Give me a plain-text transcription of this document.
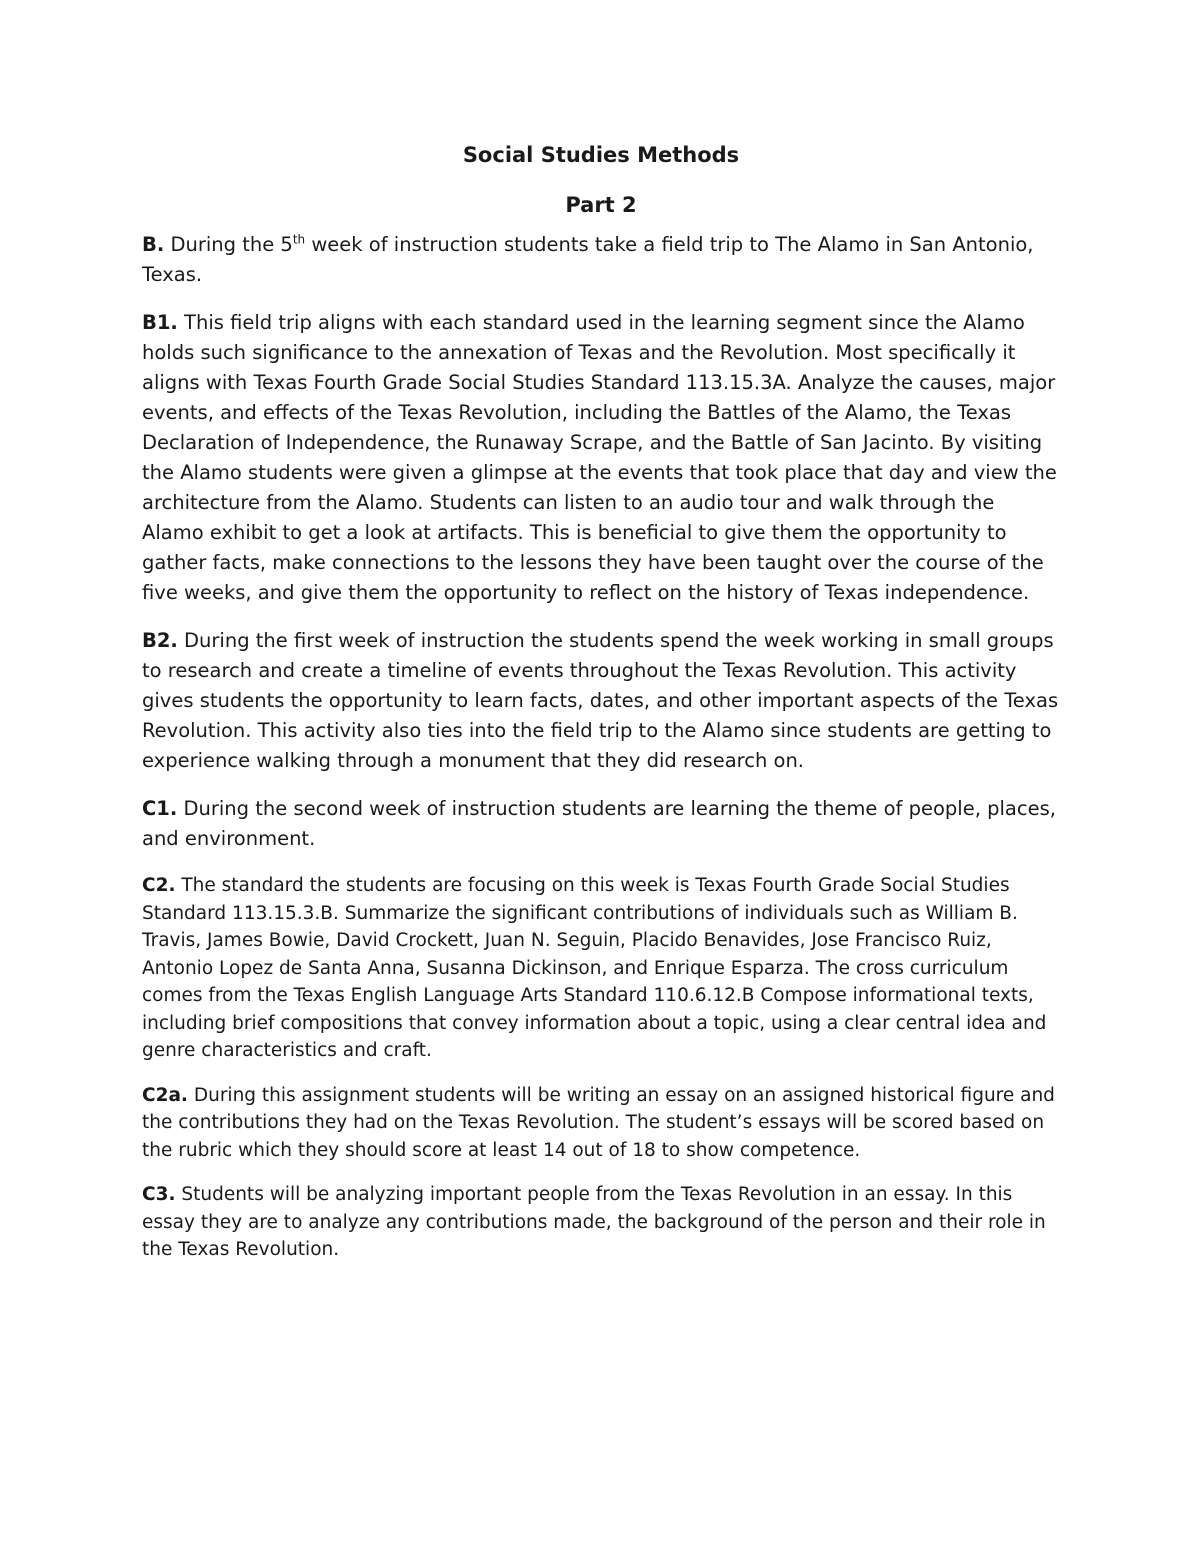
Social Studies Methods
Part 2

B. During the 5th week of instruction students take a field trip to The Alamo in San Antonio, Texas.

B1. This field trip aligns with each standard used in the learning segment since the Alamo holds such significance to the annexation of Texas and the Revolution. Most specifically it aligns with Texas Fourth Grade Social Studies Standard 113.15.3A. Analyze the causes, major events, and effects of the Texas Revolution, including the Battles of the Alamo, the Texas Declaration of Independence, the Runaway Scrape, and the Battle of San Jacinto. By visiting the Alamo students were given a glimpse at the events that took place that day and view the architecture from the Alamo. Students can listen to an audio tour and walk through the Alamo exhibit to get a look at artifacts. This is beneficial to give them the opportunity to gather facts, make connections to the lessons they have been taught over the course of the five weeks, and give them the opportunity to reflect on the history of Texas independence.

B2. During the first week of instruction the students spend the week working in small groups to research and create a timeline of events throughout the Texas Revolution. This activity gives students the opportunity to learn facts, dates, and other important aspects of the Texas Revolution. This activity also ties into the field trip to the Alamo since students are getting to experience walking through a monument that they did research on.

C1. During the second week of instruction students are learning the theme of people, places, and environment.

C2. The standard the students are focusing on this week is Texas Fourth Grade Social Studies Standard 113.15.3.B. Summarize the significant contributions of individuals such as William B. Travis, James Bowie, David Crockett, Juan N. Seguin, Placido Benavides, Jose Francisco Ruiz, Antonio Lopez de Santa Anna, Susanna Dickinson, and Enrique Esparza. The cross curriculum comes from the Texas English Language Arts Standard 110.6.12.B Compose informational texts, including brief compositions that convey information about a topic, using a clear central idea and genre characteristics and craft.

C2a. During this assignment students will be writing an essay on an assigned historical figure and the contributions they had on the Texas Revolution. The student’s essays will be scored based on the rubric which they should score at least 14 out of 18 to show competence.

C3. Students will be analyzing important people from the Texas Revolution in an essay. In this essay they are to analyze any contributions made, the background of the person and their role in the Texas Revolution.
